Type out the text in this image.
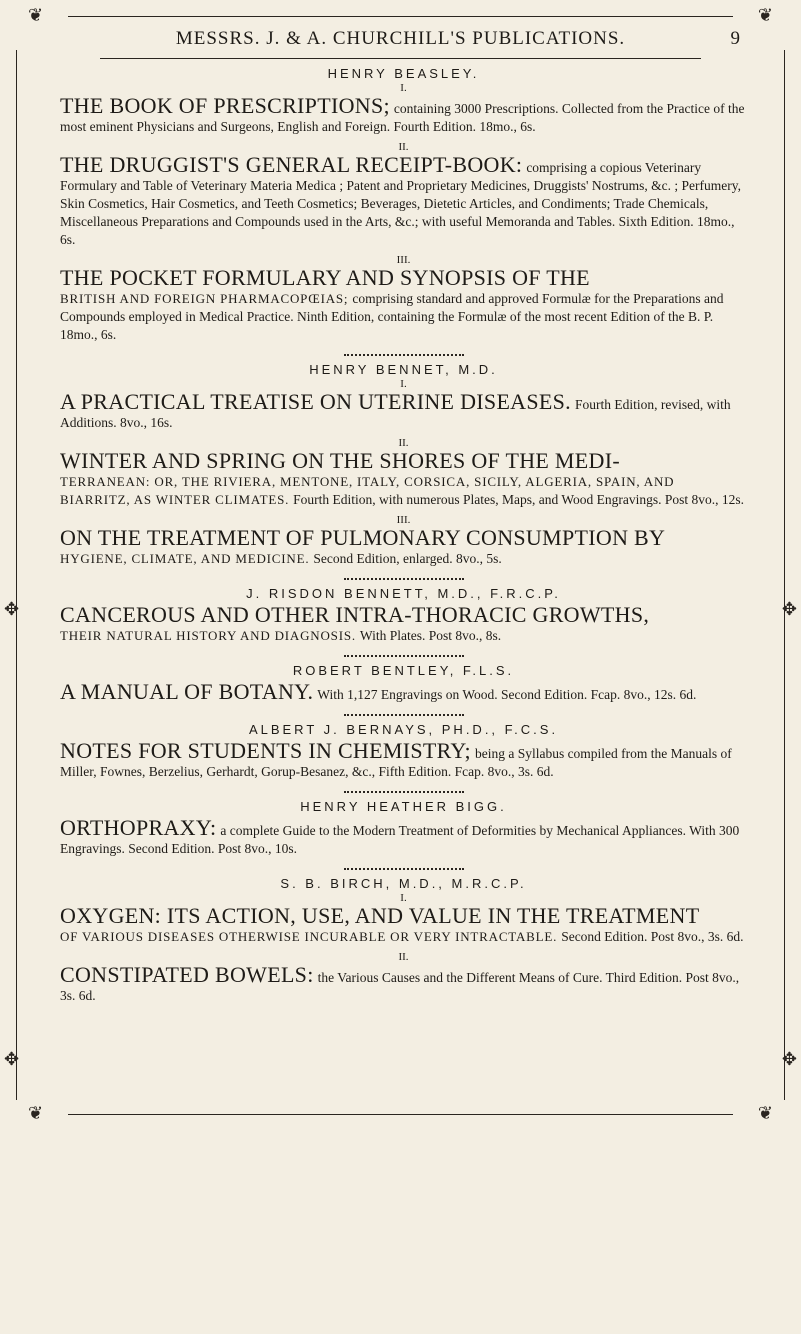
❦	❦
✥	✥
✥	✥
MESSRS. J. & A. CHURCHILL'S PUBLICATIONS.	9
HENRY BEASLEY.
I.
THE BOOK OF PRESCRIPTIONS; containing 3000 Prescriptions. Collected from the Practice of the most eminent Physicians and Surgeons, English and Foreign. Fourth Edition. 18mo., 6s.
II.
THE DRUGGIST'S GENERAL RECEIPT-BOOK: comprising a copious Veterinary Formulary and Table of Veterinary Materia Medica ; Patent and Proprietary Medicines, Druggists' Nostrums, &c. ; Perfumery, Skin Cosmetics, Hair Cosmetics, and Teeth Cosmetics; Beverages, Dietetic Articles, and Condiments; Trade Chemicals, Miscellaneous Preparations and Compounds used in the Arts, &c.; with useful Memoranda and Tables. Sixth Edition. 18mo., 6s.
III.
THE POCKET FORMULARY AND SYNOPSIS OF THE
BRITISH AND FOREIGN PHARMACOPŒIAS; comprising standard and approved Formulæ for the Preparations and Compounds employed in Medical Practice. Ninth Edition, containing the Formulæ of the most recent Edition of the B. P. 18mo., 6s.
HENRY BENNET, M.D.
I.
A PRACTICAL TREATISE ON UTERINE DISEASES. Fourth Edition, revised, with Additions. 8vo., 16s.
II.
WINTER AND SPRING ON THE SHORES OF THE MEDI-
TERRANEAN: OR, THE RIVIERA, MENTONE, ITALY, CORSICA, SICILY, ALGERIA, SPAIN, AND BIARRITZ, AS WINTER CLIMATES. Fourth Edition, with numerous Plates, Maps, and Wood Engravings. Post 8vo., 12s.
III.
ON THE TREATMENT OF PULMONARY CONSUMPTION BY
HYGIENE, CLIMATE, AND MEDICINE. Second Edition, enlarged. 8vo., 5s.
J. RISDON BENNETT, M.D., F.R.C.P.
CANCEROUS AND OTHER INTRA-THORACIC GROWTHS,
THEIR NATURAL HISTORY AND DIAGNOSIS. With Plates. Post 8vo., 8s.
ROBERT BENTLEY, F.L.S.
A MANUAL OF BOTANY. With 1,127 Engravings on Wood. Second Edition. Fcap. 8vo., 12s. 6d.
ALBERT J. BERNAYS, PH.D., F.C.S.
NOTES FOR STUDENTS IN CHEMISTRY; being a Syllabus compiled from the Manuals of Miller, Fownes, Berzelius, Gerhardt, Gorup-Besanez, &c., Fifth Edition. Fcap. 8vo., 3s. 6d.
HENRY HEATHER BIGG.
ORTHOPRAXY: a complete Guide to the Modern Treatment of Deformities by Mechanical Appliances. With 300 Engravings. Second Edition. Post 8vo., 10s.
S. B. BIRCH, M.D., M.R.C.P.
I.
OXYGEN: ITS ACTION, USE, AND VALUE IN THE TREATMENT
OF VARIOUS DISEASES OTHERWISE INCURABLE OR VERY INTRACTABLE. Second Edition. Post 8vo., 3s. 6d.
II.
CONSTIPATED BOWELS: the Various Causes and the Different Means of Cure. Third Edition. Post 8vo., 3s. 6d.
❦	❦
